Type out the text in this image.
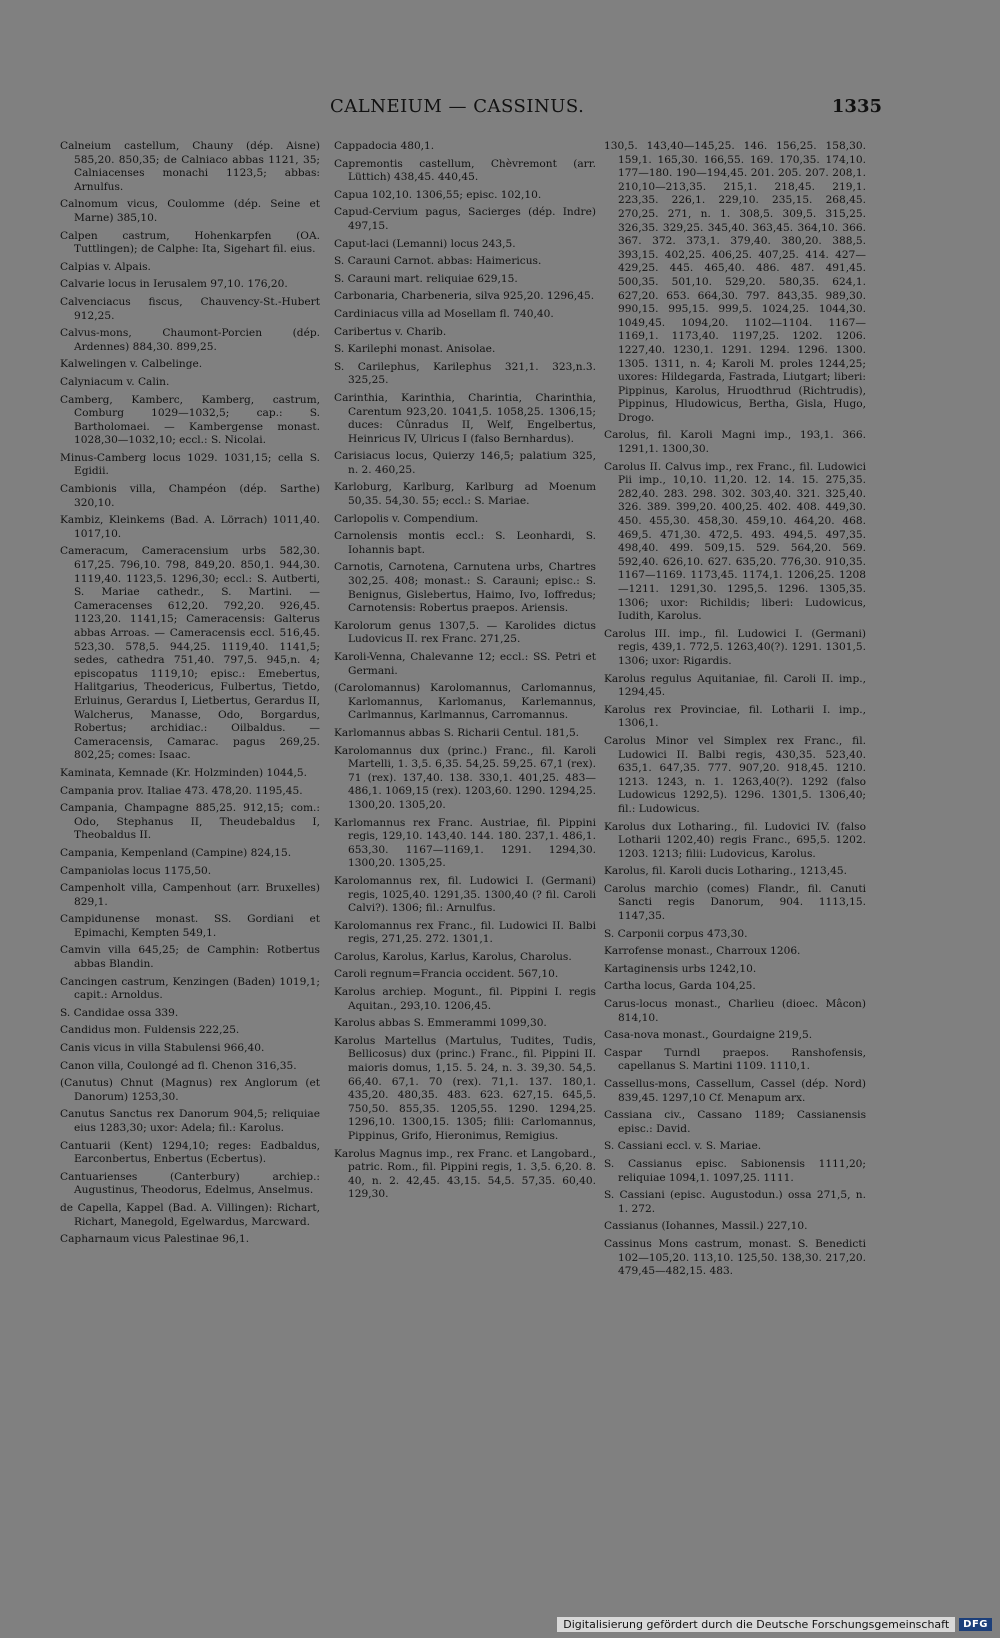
CALNEIUM — CASSINUS.	1335
Calneium castellum, Chauny (dép. Aisne) 585,20. 850,35; de Calniaco abbas 1121, 35; Calniacenses monachi 1123,5; abbas: Arnulfus.
Calnomum vicus, Coulomme (dép. Seine et Marne) 385,10.
Calpen castrum, Hohenkarpfen (OA. Tuttlingen); de Calphe: Ita, Sigehart fil. eius.
Calpias v. Alpais.
Calvarie locus in Ierusalem 97,10. 176,20.
Calvenciacus fiscus, Chauvency-St.-Hubert 912,25.
Calvus-mons, Chaumont-Porcien (dép. Ardennes) 884,30. 899,25.
Kalwelingen v. Calbelinge.
Calyniacum v. Calin.
Camberg, Kamberc, Kamberg, castrum, Comburg 1029—1032,5; cap.: S. Bartholomaei. — Kambergense monast. 1028,30—1032,10; eccl.: S. Nicolai.
Minus-Camberg locus 1029. 1031,15; cella S. Egidii.
Cambionis villa, Champéon (dép. Sarthe) 320,10.
Kambiz, Kleinkems (Bad. A. Lörrach) 1011,40. 1017,10.
Cameracum, Cameracensium urbs 582,30. 617,25. 796,10. 798, 849,20. 850,1. 944,30. 1119,40. 1123,5. 1296,30; eccl.: S. Autberti, S. Mariae cathedr., S. Martini. — Cameracenses 612,20. 792,20. 926,45. 1123,20. 1141,15; Cameracensis: Galterus abbas Arroas. — Cameracensis eccl. 516,45. 523,30. 578,5. 944,25. 1119,40. 1141,5; sedes, cathedra 751,40. 797,5. 945,n. 4; episcopatus 1119,10; episc.: Emebertus, Halitgarius, Theodericus, Fulbertus, Tietdo, Erluinus, Gerardus I, Lietbertus, Gerardus II, Walcherus, Manasse, Odo, Borgardus, Robertus; archidiac.: Oilbaldus. — Cameracensis, Camarac. pagus 269,25. 802,25; comes: Isaac.
Kaminata, Kemnade (Kr. Holzminden) 1044,5.
Campania prov. Italiae 473. 478,20. 1195,45.
Campania, Champagne 885,25. 912,15; com.: Odo, Stephanus II, Theudebaldus I, Theobaldus II.
Campania, Kempenland (Campine) 824,15.
Campaniolas locus 1175,50.
Campenholt villa, Campenhout (arr. Bruxelles) 829,1.
Campidunense monast. SS. Gordiani et Epimachi, Kempten 549,1.
Camvin villa 645,25; de Camphin: Rotbertus abbas Blandin.
Cancingen castrum, Kenzingen (Baden) 1019,1; capit.: Arnoldus.
S. Candidae ossa 339.
Candidus mon. Fuldensis 222,25.
Canis vicus in villa Stabulensi 966,40.
Canon villa, Coulongé ad fl. Chenon 316,35.
(Canutus) Chnut (Magnus) rex Anglorum (et Danorum) 1253,30.
Canutus Sanctus rex Danorum 904,5; reliquiae eius 1283,30; uxor: Adela; fil.: Karolus.
Cantuarii (Kent) 1294,10; reges: Eadbaldus, Earconbertus, Enbertus (Ecbertus).
Cantuarienses (Canterbury) archiep.: Augustinus, Theodorus, Edelmus, Anselmus.
de Capella, Kappel (Bad. A. Villingen): Richart, Richart, Manegold, Egelwardus, Marcward.
Capharnaum vicus Palestinae 96,1.
Cappadocia 480,1.
Capremontis castellum, Chèvremont (arr. Lüttich) 438,45. 440,45.
Capua 102,10. 1306,55; episc. 102,10.
Capud-Cervium pagus, Sacierges (dép. Indre) 497,15.
Caput-laci (Lemanni) locus 243,5.
S. Carauni Carnot. abbas: Haimericus.
S. Carauni mart. reliquiae 629,15.
Carbonaria, Charbeneria, silva 925,20. 1296,45.
Cardiniacus villa ad Mosellam fl. 740,40.
Caribertus v. Charib.
S. Karilephi monast. Anisolae.
S. Carilephus, Karilephus 321,1. 323,n.3. 325,25.
Carinthia, Karinthia, Charintia, Charinthia, Carentum 923,20. 1041,5. 1058,25. 1306,15; duces: Cûnradus II, Welf, Engelbertus, Heinricus IV, Ulricus I (falso Bernhardus).
Carisiacus locus, Quierzy 146,5; palatium 325, n. 2. 460,25.
Karloburg, Karlburg, Karlburg ad Moenum 50,35. 54,30. 55; eccl.: S. Mariae.
Carlopolis v. Compendium.
Carnolensis montis eccl.: S. Leonhardi, S. Iohannis bapt.
Carnotis, Carnotena, Carnutena urbs, Chartres 302,25. 408; monast.: S. Carauni; episc.: S. Benignus, Gislebertus, Haimo, Ivo, Ioffredus; Carnotensis: Robertus praepos. Ariensis.
Karolorum genus 1307,5. — Karolides dictus Ludovicus II. rex Franc. 271,25.
Karoli-Venna, Chalevanne 12; eccl.: SS. Petri et Germani.
(Carolomannus) Karolomannus, Carlomannus, Karlomannus, Karlomanus, Karlemannus, Carlmannus, Karlmannus, Carromannus.
Karlomannus abbas S. Richarii Centul. 181,5.
Karolomannus dux (princ.) Franc., fil. Karoli Martelli, 1. 3,5. 6,35. 54,25. 59,25. 67,1 (rex). 71 (rex). 137,40. 138. 330,1. 401,25. 483—486,1. 1069,15 (rex). 1203,60. 1290. 1294,25. 1300,20. 1305,20.
Karlomannus rex Franc. Austriae, fil. Pippini regis, 129,10. 143,40. 144. 180. 237,1. 486,1. 653,30. 1167—1169,1. 1291. 1294,30. 1300,20. 1305,25.
Karolomannus rex, fil. Ludowici I. (Germani) regis, 1025,40. 1291,35. 1300,40 (? fil. Caroli Calvi?). 1306; fil.: Arnulfus.
Karolomannus rex Franc., fil. Ludowici II. Balbi regis, 271,25. 272. 1301,1.
Carolus, Karolus, Karlus, Karolus, Charolus.
Caroli regnum=Francia occident. 567,10.
Karolus archiep. Mogunt., fil. Pippini I. regis Aquitan., 293,10. 1206,45.
Karolus abbas S. Emmerammi 1099,30.
Karolus Martellus (Martulus, Tudites, Tudis, Bellicosus) dux (princ.) Franc., fil. Pippini II. maioris domus, 1,15. 5. 24, n. 3. 39,30. 54,5. 66,40. 67,1. 70 (rex). 71,1. 137. 180,1. 435,20. 480,35. 483. 623. 627,15. 645,5. 750,50. 855,35. 1205,55. 1290. 1294,25. 1296,10. 1300,15. 1305; filii: Carlomannus, Pippinus, Grifo, Hieronimus, Remigius.
Karolus Magnus imp., rex Franc. et Langobard., patric. Rom., fil. Pippini regis, 1. 3,5. 6,20. 8. 40, n. 2. 42,45. 43,15. 54,5. 57,35. 60,40. 129,30.
130,5. 143,40—145,25. 146. 156,25. 158,30. 159,1. 165,30. 166,55. 169. 170,35. 174,10. 177—180. 190—194,45. 201. 205. 207. 208,1. 210,10—213,35. 215,1. 218,45. 219,1. 223,35. 226,1. 229,10. 235,15. 268,45. 270,25. 271, n. 1. 308,5. 309,5. 315,25. 326,35. 329,25. 345,40. 363,45. 364,10. 366. 367. 372. 373,1. 379,40. 380,20. 388,5. 393,15. 402,25. 406,25. 407,25. 414. 427—429,25. 445. 465,40. 486. 487. 491,45. 500,35. 501,10. 529,20. 580,35. 624,1. 627,20. 653. 664,30. 797. 843,35. 989,30. 990,15. 995,15. 999,5. 1024,25. 1044,30. 1049,45. 1094,20. 1102—1104. 1167—1169,1. 1173,40. 1197,25. 1202. 1206. 1227,40. 1230,1. 1291. 1294. 1296. 1300. 1305. 1311, n. 4; Karoli M. proles 1244,25; uxores: Hildegarda, Fastrada, Liutgart; liberi: Pippinus, Karolus, Hruodthrud (Richtrudis), Pippinus, Hludowicus, Bertha, Gisla, Hugo, Drogo.
Carolus, fil. Karoli Magni imp., 193,1. 366. 1291,1. 1300,30.
Carolus II. Calvus imp., rex Franc., fil. Ludowici Pii imp., 10,10. 11,20. 12. 14. 15. 275,35. 282,40. 283. 298. 302. 303,40. 321. 325,40. 326. 389. 399,20. 400,25. 402. 408. 449,30. 450. 455,30. 458,30. 459,10. 464,20. 468. 469,5. 471,30. 472,5. 493. 494,5. 497,35. 498,40. 499. 509,15. 529. 564,20. 569. 592,40. 626,10. 627. 635,20. 776,30. 910,35. 1167—1169. 1173,45. 1174,1. 1206,25. 1208—1211. 1291,30. 1295,5. 1296. 1305,35. 1306; uxor: Richildis; liberi: Ludowicus, Iudith, Karolus.
Carolus III. imp., fil. Ludowici I. (Germani) regis, 439,1. 772,5. 1263,40(?). 1291. 1301,5. 1306; uxor: Rigardis.
Karolus regulus Aquitaniae, fil. Caroli II. imp., 1294,45.
Karolus rex Provinciae, fil. Lotharii I. imp., 1306,1.
Carolus Minor vel Simplex rex Franc., fil. Ludowici II. Balbi regis, 430,35. 523,40. 635,1. 647,35. 777. 907,20. 918,45. 1210. 1213. 1243, n. 1. 1263,40(?). 1292 (falso Ludowicus 1292,5). 1296. 1301,5. 1306,40; fil.: Ludowicus.
Karolus dux Lotharing., fil. Ludovici IV. (falso Lotharii 1202,40) regis Franc., 695,5. 1202. 1203. 1213; filii: Ludovicus, Karolus.
Karolus, fil. Karoli ducis Lotharing., 1213,45.
Carolus marchio (comes) Flandr., fil. Canuti Sancti regis Danorum, 904. 1113,15. 1147,35.
S. Carponii corpus 473,30.
Karrofense monast., Charroux 1206.
Kartaginensis urbs 1242,10.
Cartha locus, Garda 104,25.
Carus-locus monast., Charlieu (dioec. Mâcon) 814,10.
Casa-nova monast., Gourdaigne 219,5.
Caspar Turndl praepos. Ranshofensis, capellanus S. Martini 1109. 1110,1.
Cassellus-mons, Cassellum, Cassel (dép. Nord) 839,45. 1297,10 Cf. Menapum arx.
Cassiana civ., Cassano 1189; Cassianensis episc.: David.
S. Cassiani eccl. v. S. Mariae.
S. Cassianus episc. Sabionensis 1111,20; reliquiae 1094,1. 1097,25. 1111.
S. Cassiani (episc. Augustodun.) ossa 271,5, n. 1. 272.
Cassianus (Iohannes, Massil.) 227,10.
Cassinus Mons castrum, monast. S. Benedicti 102—105,20. 113,10. 125,50. 138,30. 217,20. 479,45—482,15. 483.
Digitalisierung gefördert durch die Deutsche Forschungsgemeinschaft	DFG
